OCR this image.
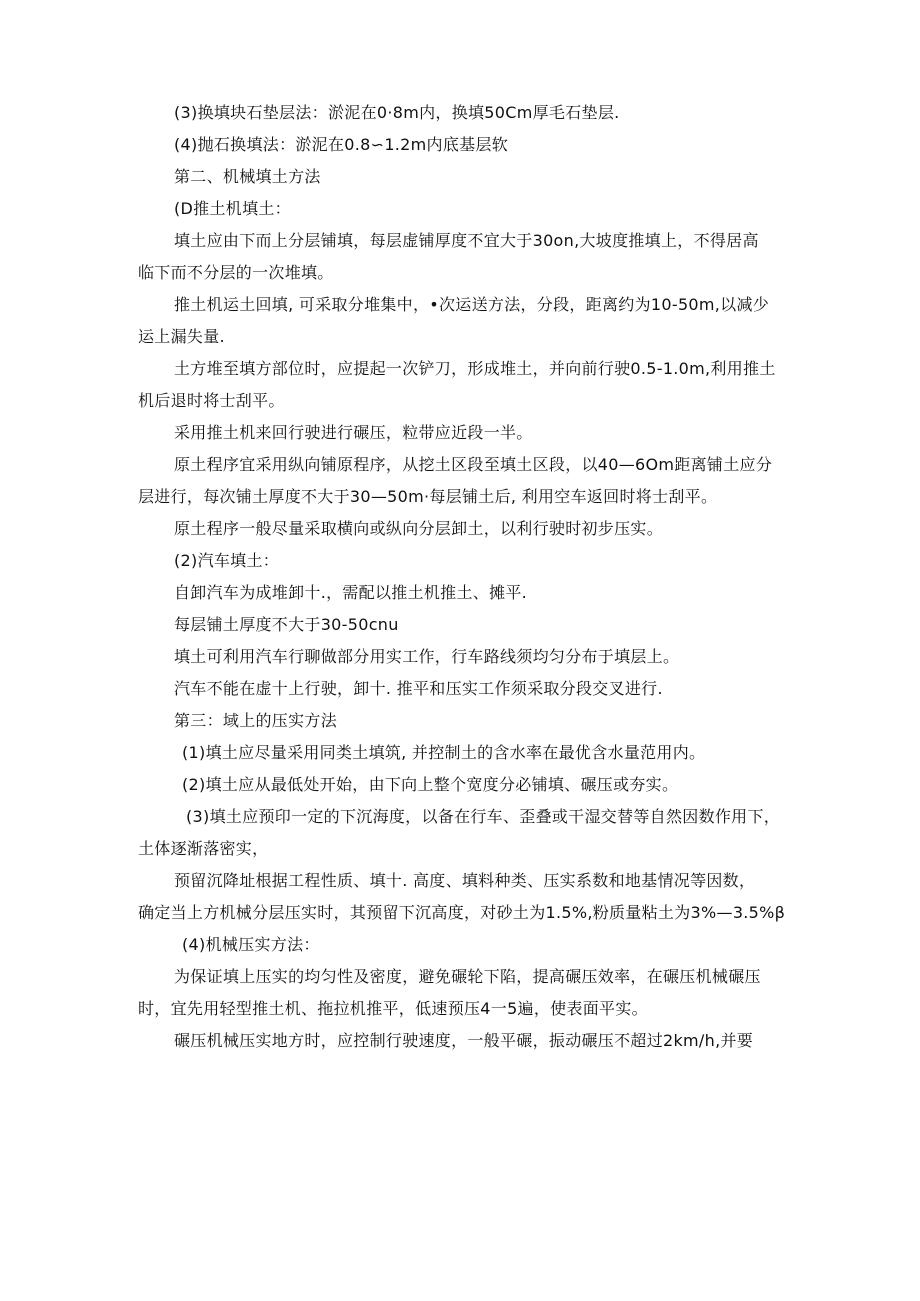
(3)换填块石垫层法：淤泥在0·8m内，换填50Cm厚毛石垫层.

(4)抛石换填法：淤泥在0.8∽1.2m内底基层软

第二、机械填土方法

(D推土机填土：

填土应由下而上分层铺填，每层虚铺厚度不宜大于30on,大坡度推填上，不得居高

临下而不分层的一次堆填。

推土机运土回填, 可采取分堆集中，•次运送方法，分段，距离约为10-50m,以减少

运上漏失量.

土方堆至填方部位时，应提起一次铲刀，形成堆土，并向前行驶0.5-1.0m,利用推土

机后退时将士刮平。

采用推土机来回行驶进行碾压，粒带应近段一半。

原土程序宜采用纵向铺原程序，从挖土区段至填土区段，以40—6Om距离铺土应分

层进行，每次铺土厚度不大于30—50m·每层铺土后, 利用空车返回时将士刮平。

原土程序一般尽量采取横向或纵向分层卸土，以利行驶时初步压实。

(2)汽车填土：

自卸汽车为成堆卸十.，需配以推土机推土、摊平.

每层铺土厚度不大于30-50cnu

填土可利用汽车行聊做部分用实工作，行车路线须均匀分布于填层上。

汽车不能在虚十上行驶，卸十. 推平和压实工作须采取分段交叉进行.

第三：域上的压实方法

(1)填土应尽量采用同类土填筑, 并控制土的含水率在最优含水量范用内。

(2)填土应从最低处开始，由下向上整个宽度分必铺填、碾压或夯实。

(3)填土应预印一定的下沉海度，以备在行车、歪叠或干湿交替等自然因数作用下，

土体逐渐落密实，

预留沉降址根据工程性质、填十. 高度、填料种类、压实系数和地基情况等因数，

确定当上方机械分层压实时，其预留下沉高度，对砂土为1.5%,粉质量粘土为3%—3.5%β

(4)机械压实方法：

为保证填上压实的均匀性及密度，避免碾轮下陷，提高碾压效率，在碾压机械碾压

时，宜先用轻型推土机、拖拉机推平，低速预压4一5遍，使表面平实。

碾压机械压实地方时，应控制行驶速度，一般平碾，振动碾压不超过2km∕h,并要
